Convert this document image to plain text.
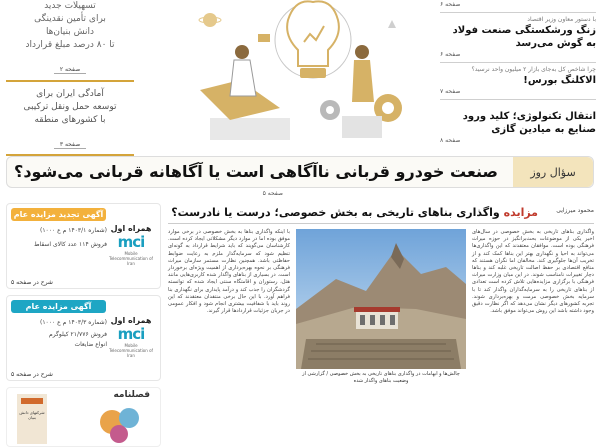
تسهیلات جدید
برای تأمین نقدینگی
دانش بنیان‌ها
تا ۸۰ درصد مبلغ قرارداد
صفحه ۲
آمادگی ایران برای
توسعه حمل ونقل ترکیبی
با کشورهای منطقه
صفحه ۳
صفحه ۶
با دستور معاون وزیر اقتصاد
زنگ ورشکستگی صنعت فولاد به گوش می‌رسد
صفحه ۶
چرا شاخص کل به‌جای بازار ۲ میلیون واحد نرسید؟
الاکلنگ بورس!
صفحه ۷
انتقال تکنولوژی؛ کلید ورود صنایع به میادین گازی
صفحه ۸
سؤال روز
صنعت خودرو قربانی ناآگاهی است یا آگاهانه قربانی می‌شود؟
صفحه ۵
آگهی تجدید مزایده عام
(شماره ۱۴۰۳/۱ م‌ ع ۱۰۰۰)
فروش ۱۱۴ عدد کالای اسقاط
همراه اول
mci
Mobile Telecommunication of Iran
شرح در صفحه ۵
آگهی مزایده عام
(شماره ۱۴۰۳/۳ م‌ ع ۱۰۰۰)
فروش ۲۱/۷۷۶ کیلوگرم
انواع ضایعات
همراه اول
mci
Mobile Telecommunication of Iran
شرح در صفحه ۵
فصلنامه
شرکتهای دانش بنیان
محمود میرزایی
مزایده واگذاری بناهای تاریخی به بخش خصوصی؛ درست یا نادرست؟

واگذاری بناهای تاریخی به بخش خصوصی در سال‌های اخیر یکی از موضوعات بحث‌برانگیز در حوزه میراث فرهنگی بوده است. موافقان معتقدند که این واگذاری‌ها می‌تواند به احیا و نگهداری بهتر این بناها کمک کند و از تخریب آن‌ها جلوگیری کند. مخالفان اما نگران هستند که منافع اقتصادی بر حفظ اصالت تاریخی غلبه کند و بناها دچار تغییرات نامناسب شوند. در این میان وزارت میراث فرهنگی با برگزاری مزایده‌هایی تلاش کرده است تعدادی از بناهای تاریخی را به سرمایه‌گذاران واگذار کند تا با سرمایه بخش خصوصی مرمت و بهره‌برداری شوند. تجربه کشورهای دیگر نشان می‌دهد که اگر نظارت دقیق وجود داشته باشد این روش می‌تواند موفق باشد.

چالش‌ها و ابهامات در واگذاری بناهای تاریخی به بخش خصوصی / گزارشی از وضعیت بناهای واگذار شده

با اینکه واگذاری بناها به بخش خصوصی در برخی موارد موفق بوده اما در موارد دیگر مشکلاتی ایجاد کرده است. کارشناسان می‌گویند که باید شرایط قرارداد به گونه‌ای تنظیم شود که سرمایه‌گذار ملزم به رعایت ضوابط حفاظتی باشد. همچنین نظارت مستمر سازمان میراث فرهنگی بر نحوه بهره‌برداری از اهمیت ویژه‌ای برخوردار است. در بسیاری از بناهای واگذار شده کاربری‌هایی مانند هتل، رستوران و اقامتگاه سنتی ایجاد شده که توانسته گردشگران را جذب کند و درآمد پایداری برای نگهداری بنا فراهم آورد. با این حال برخی منتقدان معتقدند که این روند باید با شفافیت بیشتری انجام شود و افکار عمومی در جریان جزئیات قراردادها قرار گیرند.
